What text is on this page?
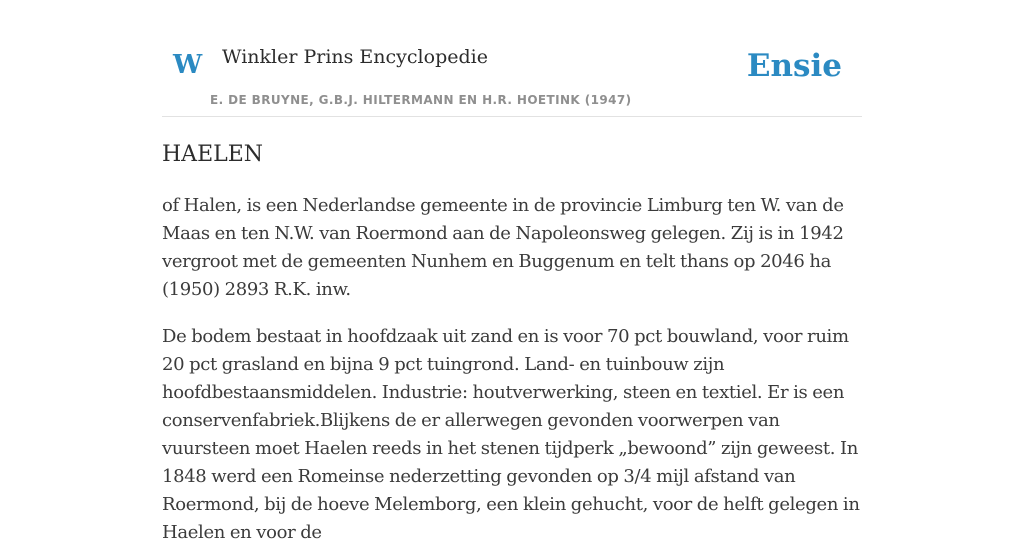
W Winkler Prins Encyclopedie
E. DE BRUYNE, G.B.J. HILTERMANN EN H.R. HOETINK (1947)
Ensie
HAELEN

of Halen, is een Nederlandse gemeente in de provincie Limburg ten W. van de Maas en ten N.W. van Roermond aan de Napoleonsweg gelegen. Zij is in 1942 vergroot met de gemeenten Nunhem en Buggenum en telt thans op 2046 ha (1950) 2893 R.K. inw.

De bodem bestaat in hoofdzaak uit zand en is voor 70 pct bouwland, voor ruim 20 pct grasland en bijna 9 pct tuingrond. Land- en tuinbouw zijn hoofdbestaansmiddelen. Industrie: houtverwerking, steen en textiel. Er is een conservenfabriek.Blijkens de er allerwegen gevonden voorwerpen van vuursteen moet Haelen reeds in het stenen tijdperk „bewoond” zijn geweest. In 1848 werd een Romeinse nederzetting gevonden op 3/4 mijl afstand van Roermond, bij de hoeve Melemborg, een klein gehucht, voor de helft gelegen in Haelen en voor de
